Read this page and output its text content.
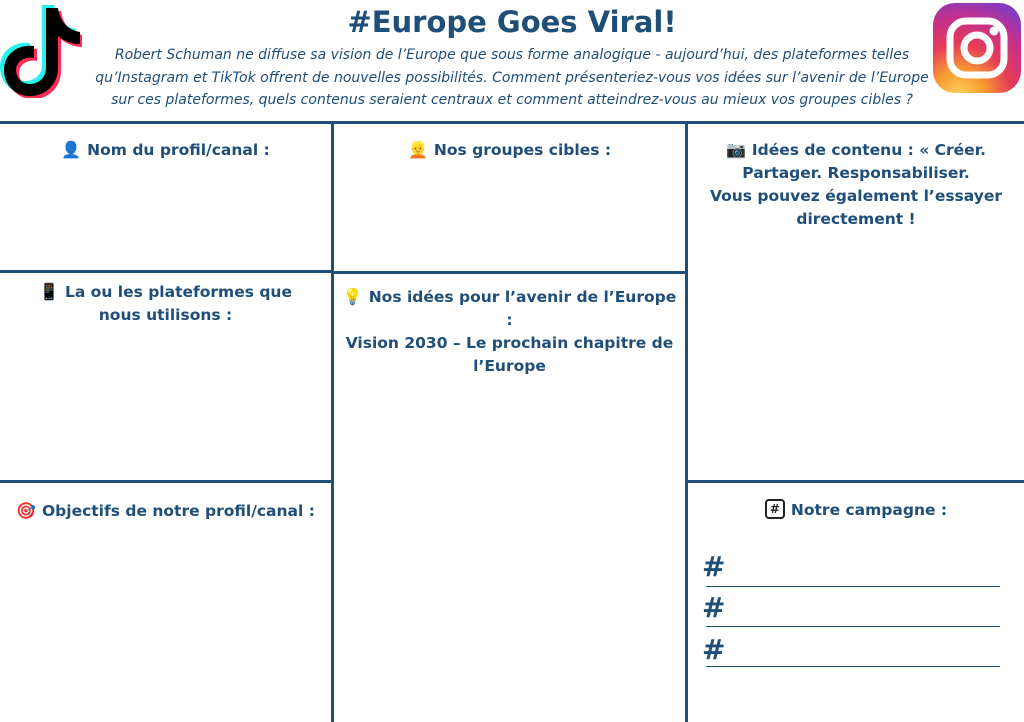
#Europe Goes Viral!
Robert Schuman ne diffuse sa vision de l’Europe que sous forme analogique - aujourd’hui, des plateformes telles
qu’Instagram et TikTok offrent de nouvelles possibilités. Comment présenteriez-vous vos idées sur l’avenir de l’Europe
sur ces plateformes, quels contenus seraient centraux et comment atteindrez-vous au mieux vos groupes cibles ?
👤 Nom du profil/canal :	👱 Nos groupes cibles :	📷 Idées de contenu : « Créer.
Partager. Responsabiliser.
Vous pouvez également l’essayer
directement !
📱 La ou les plateformes que
nous utilisons :
💡 Nos idées pour l’avenir de l’Europe
:
Vision 2030 – Le prochain chapitre de
l’Europe
🎯 Objectifs de notre profil/canal :	# Notre campagne :
#
#
#
